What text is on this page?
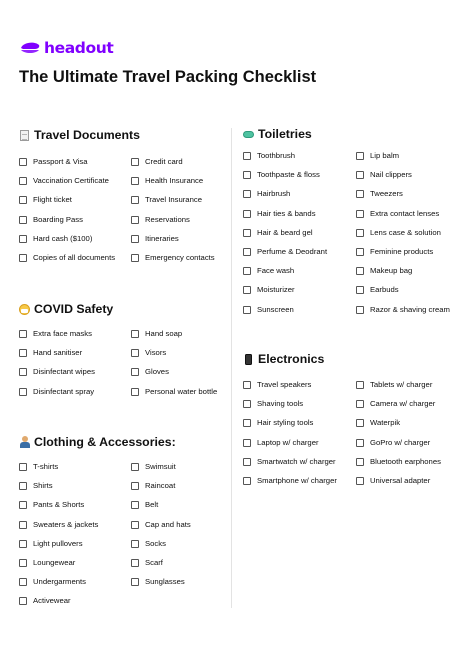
headout
The Ultimate Travel Packing Checklist
Travel Documents
COVID Safety
Clothing & Accessories:
Toiletries
Electronics
Passport & Visa
Vaccination Certificate
Flight ticket
Boarding Pass
Hard cash ($100)
Copies of all documents
Credit card
Health Insurance
Travel Insurance
Reservations
Itineraries
Emergency contacts
Extra face masks
Hand sanitiser
Disinfectant wipes
Disinfectant spray
Hand soap
Visors
Gloves
Personal water bottle
T-shirts
Shirts
Pants & Shorts
Sweaters & jackets
Light pullovers
Loungewear
Undergarments
Activewear
Swimsuit
Raincoat
Belt
Cap and hats
Socks
Scarf
Sunglasses
Toothbrush
Toothpaste & floss
Hairbrush
Hair ties & bands
Hair & beard gel
Perfume & Deodrant
Face wash
Moisturizer
Sunscreen
Lip balm
Nail clippers
Tweezers
Extra contact lenses
Lens case & solution
Feminine products
Makeup bag
Earbuds
Razor & shaving cream
Travel speakers
Shaving tools
Hair styling tools
Laptop w/ charger
Smartwatch w/ charger
Smartphone w/ charger
Tablets w/ charger
Camera w/ charger
Waterpik
GoPro w/ charger
Bluetooth earphones
Universal adapter
